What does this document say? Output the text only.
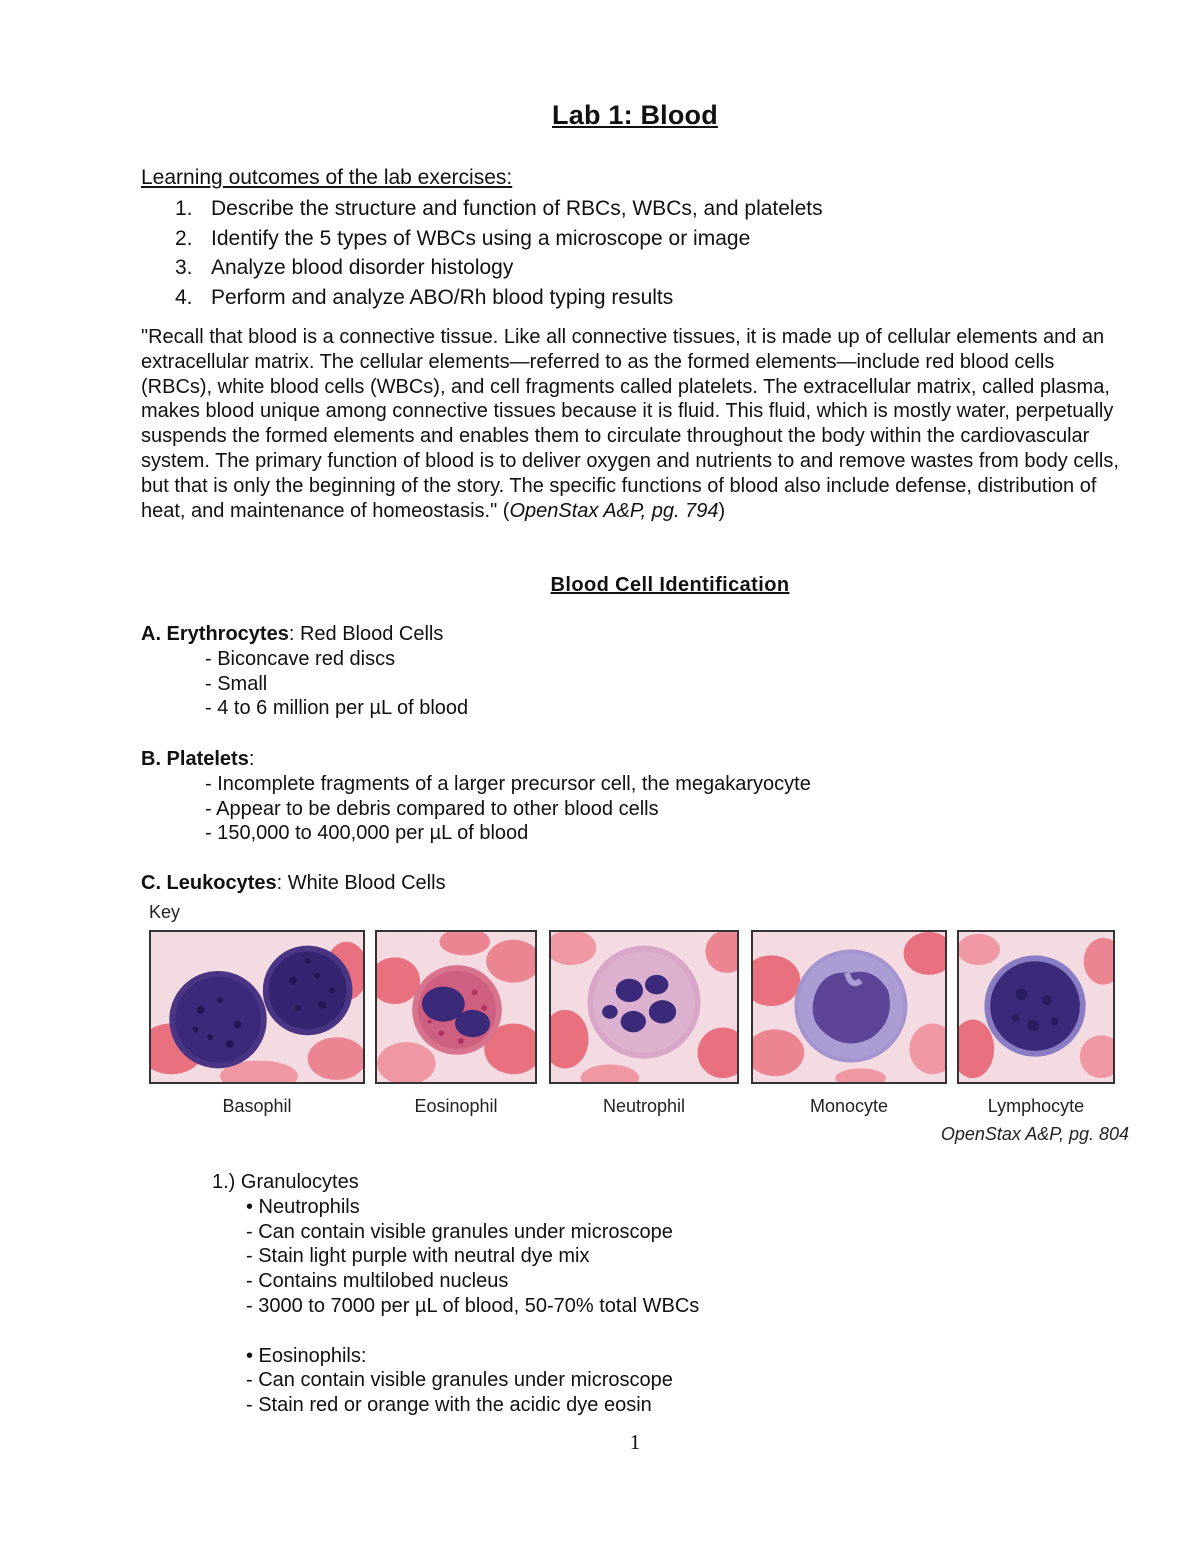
Lab 1: Blood
Learning outcomes of the lab exercises:
1. Describe the structure and function of RBCs, WBCs, and platelets
2. Identify the 5 types of WBCs using a microscope or image
3. Analyze blood disorder histology
4. Perform and analyze ABO/Rh blood typing results

"Recall that blood is a connective tissue. Like all connective tissues, it is made up of cellular elements and an extracellular matrix. The cellular elements—referred to as the formed elements—include red blood cells (RBCs), white blood cells (WBCs), and cell fragments called platelets. The extracellular matrix, called plasma, makes blood unique among connective tissues because it is fluid. This fluid, which is mostly water, perpetually suspends the formed elements and enables them to circulate throughout the body within the cardiovascular system. The primary function of blood is to deliver oxygen and nutrients to and remove wastes from body cells, but that is only the beginning of the story. The specific functions of blood also include defense, distribution of heat, and maintenance of homeostasis." (OpenStax A&P, pg. 794)

Blood Cell Identification
A. Erythrocytes: Red Blood Cells
- Biconcave red discs
- Small
- 4 to 6 million per µL of blood
B. Platelets:
- Incomplete fragments of a larger precursor cell, the megakaryocyte
- Appear to be debris compared to other blood cells
- 150,000 to 400,000 per µL of blood
C. Leukocytes: White Blood Cells
Key
Basophil	Eosinophil	Neutrophil	Monocyte	Lymphocyte
OpenStax A&P, pg. 804
1.) Granulocytes
• Neutrophils
- Can contain visible granules under microscope
- Stain light purple with neutral dye mix
- Contains multilobed nucleus
- 3000 to 7000 per µL of blood, 50-70% total WBCs
• Eosinophils:
- Can contain visible granules under microscope
- Stain red or orange with the acidic dye eosin
1
